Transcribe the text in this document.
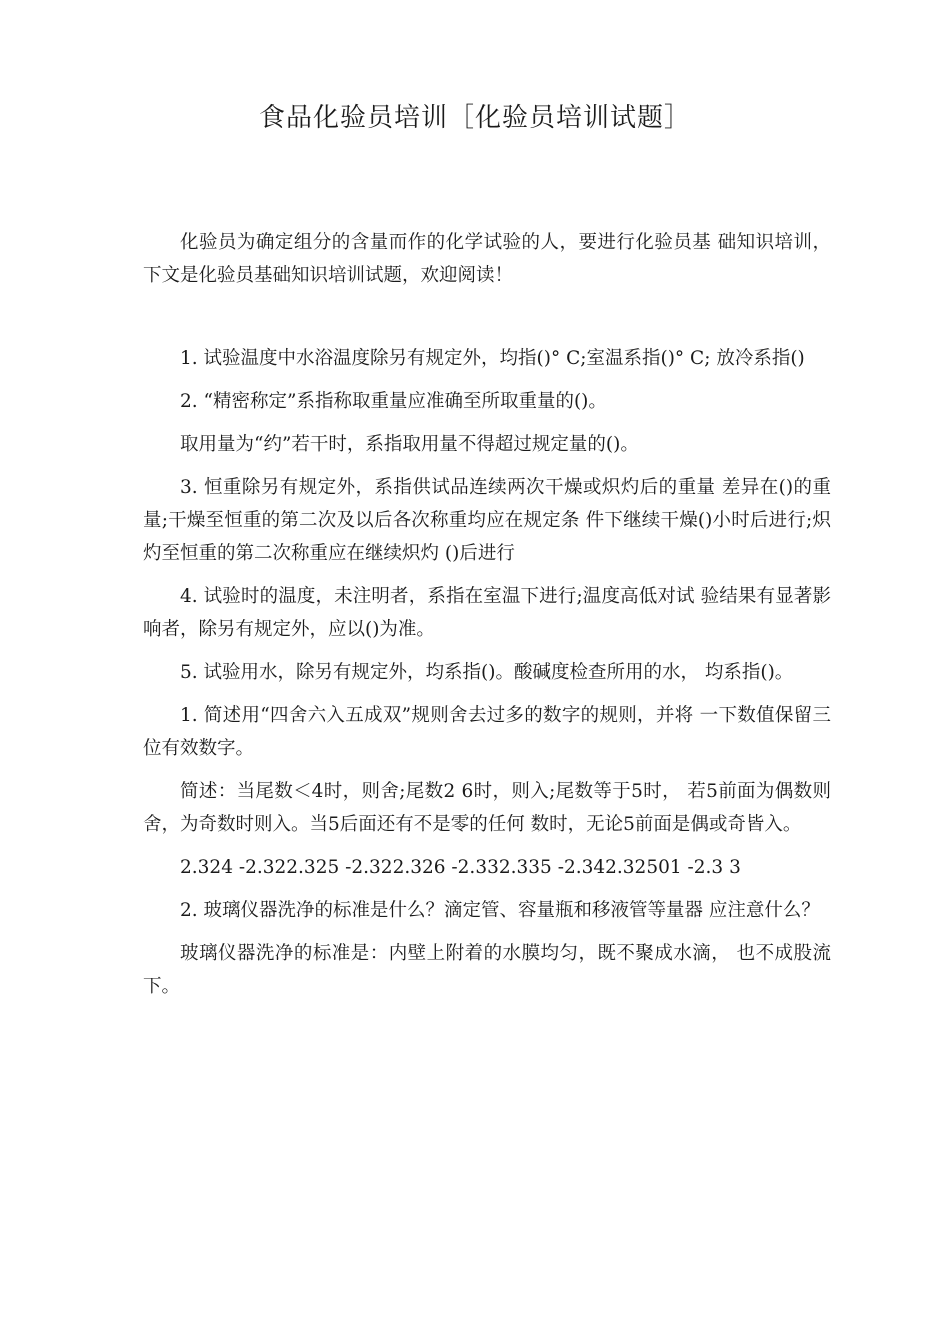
食品化验员培训［化验员培训试题］

化验员为确定组分的含量而作的化学试验的人，要进行化验员基 础知识培训，下文是化验员基础知识培训试题，欢迎阅读！

1. 试验温度中水浴温度除另有规定外，均指()° C;室温系指()° C; 放冷系指()

2. “精密称定”系指称取重量应准确至所取重量的()。

取用量为“约”若干时，系指取用量不得超过规定量的()。

3. 恒重除另有规定外，系指供试品连续两次干燥或炽灼后的重量 差异在()的重量;干燥至恒重的第二次及以后各次称重均应在规定条 件下继续干燥()小时后进行;炽灼至恒重的第二次称重应在继续炽灼 ()后进行

4. 试验时的温度，未注明者，系指在室温下进行;温度高低对试 验结果有显著影响者，除另有规定外，应以()为准。

5. 试验用水，除另有规定外，均系指()。酸碱度检查所用的水， 均系指()。

1. 简述用“四舍六入五成双”规则舍去过多的数字的规则，并将 一下数值保留三位有效数字。

简述：当尾数＜4时，则舍;尾数2 6时，则入;尾数等于5时， 若5前面为偶数则舍，为奇数时则入。当5后面还有不是零的任何 数时，无论5前面是偶或奇皆入。

2.324 -2.322.325 -2.322.326 -2.332.335 -2.342.32501 -2.3 3

2. 玻璃仪器洗净的标准是什么？滴定管、容量瓶和移液管等量器 应注意什么？

玻璃仪器洗净的标准是：内壁上附着的水膜均匀，既不聚成水滴， 也不成股流下。
